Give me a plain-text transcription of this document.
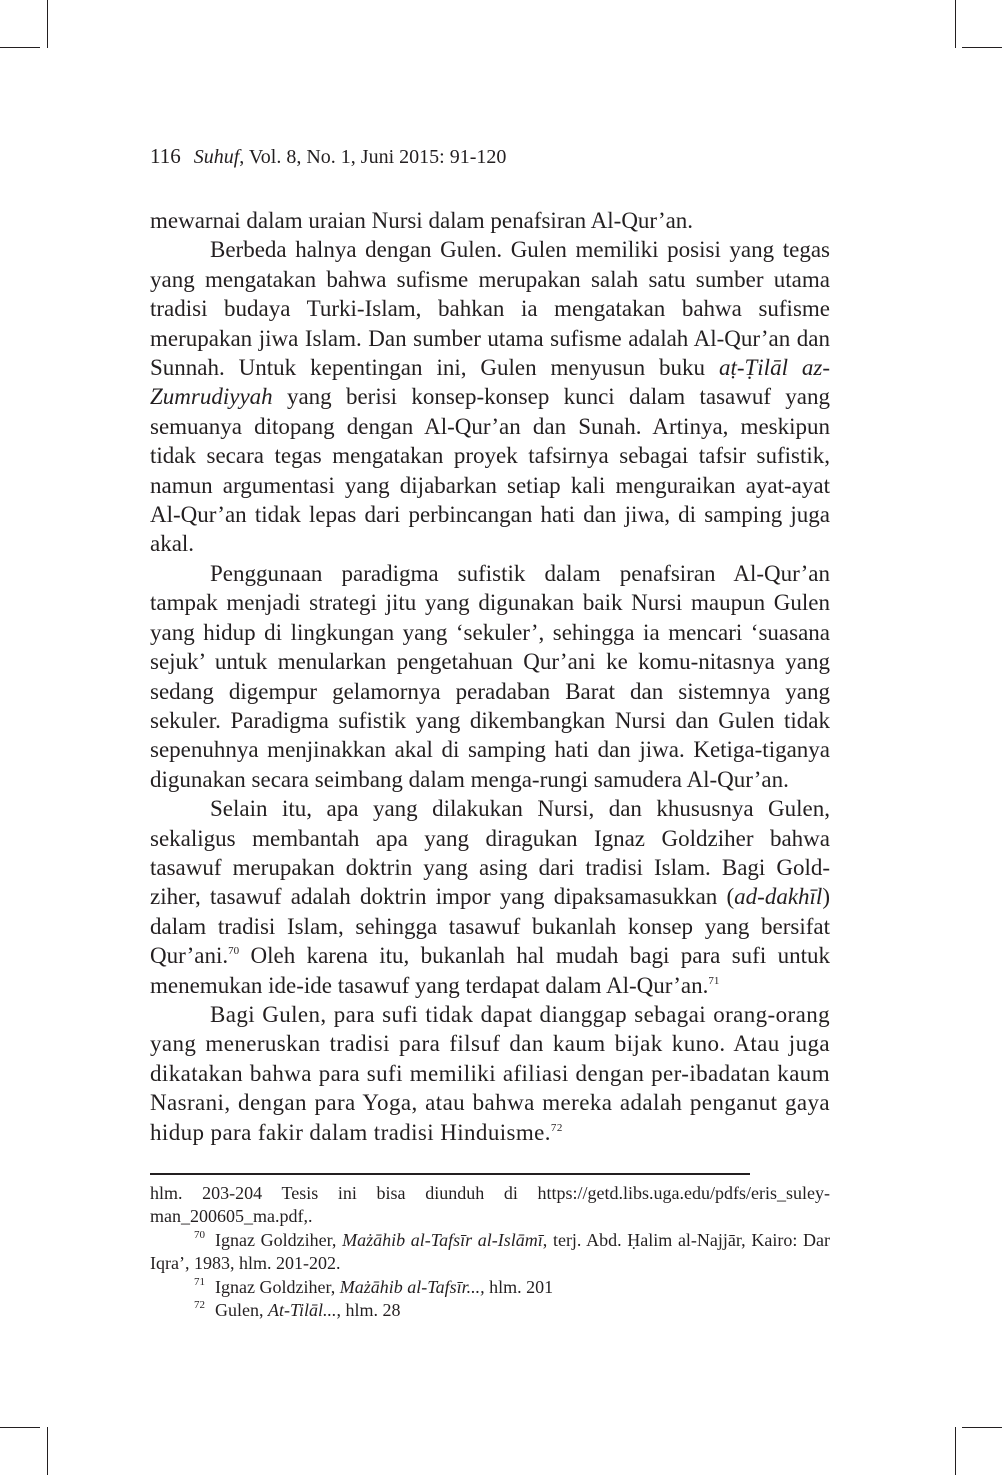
116 Suhuf, Vol. 8, No. 1, Juni 2015: 91-120

mewarnai dalam uraian Nursi dalam penafsiran Al-Qur’an.

Berbeda halnya dengan Gulen. Gulen memiliki posisi yang tegas yang mengatakan bahwa sufisme merupakan salah satu sumber utama tradisi budaya Turki-Islam, bahkan ia mengatakan bahwa sufisme merupakan jiwa Islam. Dan sumber utama sufisme adalah Al-Qur’an dan Sunnah. Untuk kepentingan ini, Gulen menyusun buku aṭ-Ṭilāl az-Zumrudiyyah yang berisi konsep-konsep kunci dalam tasawuf yang semuanya ditopang dengan Al-Qur’an dan Sunah. Artinya, meskipun tidak secara tegas mengatakan proyek tafsirnya sebagai tafsir sufistik, namun argumentasi yang dijabarkan setiap kali menguraikan ayat-ayat Al-Qur’an tidak lepas dari perbincangan hati dan jiwa, di samping juga akal.

Penggunaan paradigma sufistik dalam penafsiran Al-Qur’an tampak menjadi strategi jitu yang digunakan baik Nursi maupun Gulen yang hidup di lingkungan yang ‘sekuler’, sehingga ia mencari ‘suasana sejuk’ untuk menularkan pengetahuan Qur’ani ke komu-nitasnya yang sedang digempur gelamornya peradaban Barat dan sistemnya yang sekuler. Paradigma sufistik yang dikembangkan Nursi dan Gulen tidak sepenuhnya menjinakkan akal di samping hati dan jiwa. Ketiga-tiganya digunakan secara seimbang dalam menga-rungi samudera Al-Qur’an.

Selain itu, apa yang dilakukan Nursi, dan khususnya Gulen, sekaligus membantah apa yang diragukan Ignaz Goldziher bahwa tasawuf merupakan doktrin yang asing dari tradisi Islam. Bagi Gold-ziher, tasawuf adalah doktrin impor yang dipaksamasukkan (ad-dakhīl) dalam tradisi Islam, sehingga tasawuf bukanlah konsep yang bersifat Qur’ani.$^{70}$ Oleh karena itu, bukanlah hal mudah bagi para sufi untuk menemukan ide-ide tasawuf yang terdapat dalam Al-Qur’an.$^{71}$

Bagi Gulen, para sufi tidak dapat dianggap sebagai orang-orang yang meneruskan tradisi para filsuf dan kaum bijak kuno. Atau juga dikatakan bahwa para sufi memiliki afiliasi dengan per-ibadatan kaum Nasrani, dengan para Yoga, atau bahwa mereka adalah penganut gaya hidup para fakir dalam tradisi Hinduisme.$^{72}$

hlm. 203-204 Tesis ini bisa diunduh di https://getd.libs.uga.edu/pdfs/eris_suley-man_200605_ma.pdf,.

$^{70}$ Ignaz Goldziher, Mażāhib al-Tafsīr al-Islāmī, terj. Abd. Ḥalim al-Najjār, Kairo: Dar Iqra’, 1983, hlm. 201-202.

$^{71}$ Ignaz Goldziher, Mażāhib al-Tafsīr..., hlm. 201

$^{72}$ Gulen, At-Tilāl..., hlm. 28
